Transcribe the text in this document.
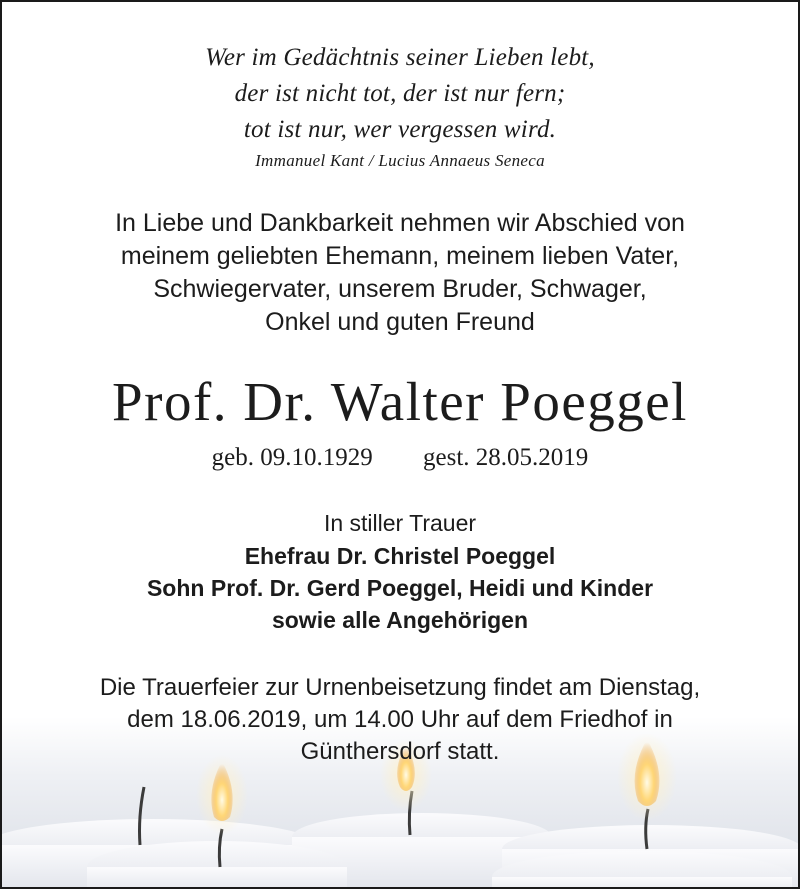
Wer im Gedächtnis seiner Lieben lebt,
der ist nicht tot, der ist nur fern;
tot ist nur, wer vergessen wird.
Immanuel Kant / Lucius Annaeus Seneca
In Liebe und Dankbarkeit nehmen wir Abschied von
meinem geliebten Ehemann, meinem lieben Vater,
Schwiegervater, unserem Bruder, Schwager,
Onkel und guten Freund
Prof. Dr. Walter Poeggel
geb. 09.10.1929 gest. 28.05.2019
In stiller Trauer
Ehefrau Dr. Christel Poeggel
Sohn Prof. Dr. Gerd Poeggel, Heidi und Kinder
sowie alle Angehörigen
Die Trauerfeier zur Urnenbeisetzung findet am Dienstag,
dem 18.06.2019, um 14.00 Uhr auf dem Friedhof in
Günthersdorf statt.
